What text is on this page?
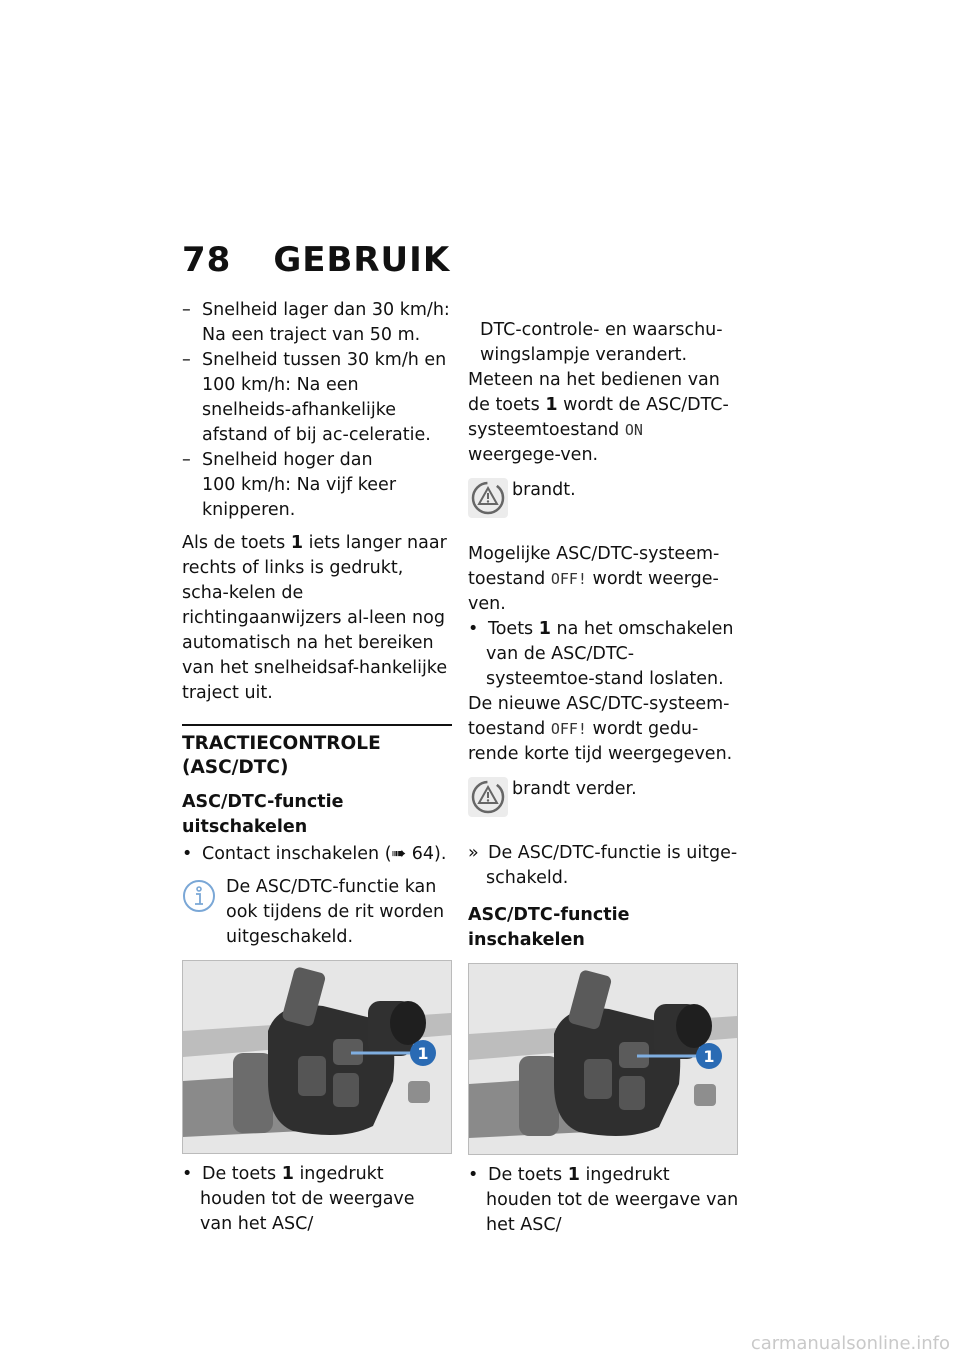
78 GEBRUIK

– Snelheid lager dan 30 km/h:
Na een traject van 50 m.

– Snelheid tussen 30 km/h en
100 km/h: Na een snelheids-afhankelijke afstand of bij ac-celeratie.

– Snelheid hoger dan
100 km/h: Na vijf keer knipperen.

Als de toets 1 iets langer naar rechts of links is gedrukt, scha-kelen de richtingaanwijzers al-leen nog automatisch na het bereiken van het snelheidsaf-hankelijke traject uit.

TRACTIECONTROLE (ASC/DTC)

ASC/DTC-functie uitschakelen

• Contact inschakelen (➠ 64).

De ASC/DTC-functie kan ook tijdens de rit worden uitgeschakeld.
1

• De toets 1 ingedrukt houden tot de weergave van het ASC/

DTC-controle- en waarschu-wingslampje verandert.

Meteen na het bedienen van de toets 1 wordt de ASC/DTC-systeemtoestand ON weergege-ven.

brandt.

Mogelijke ASC/DTC-systeem-toestand OFF! wordt weerge-ven.

• Toets 1 na het omschakelen van de ASC/DTC-systeemtoe-stand loslaten.

De nieuwe ASC/DTC-systeem-toestand OFF! wordt gedu-rende korte tijd weergegeven.

brandt verder.

» De ASC/DTC-functie is uitge-schakeld.

ASC/DTC-functie inschakelen

1

• De toets 1 ingedrukt houden tot de weergave van het ASC/

carmanualsonline.info
